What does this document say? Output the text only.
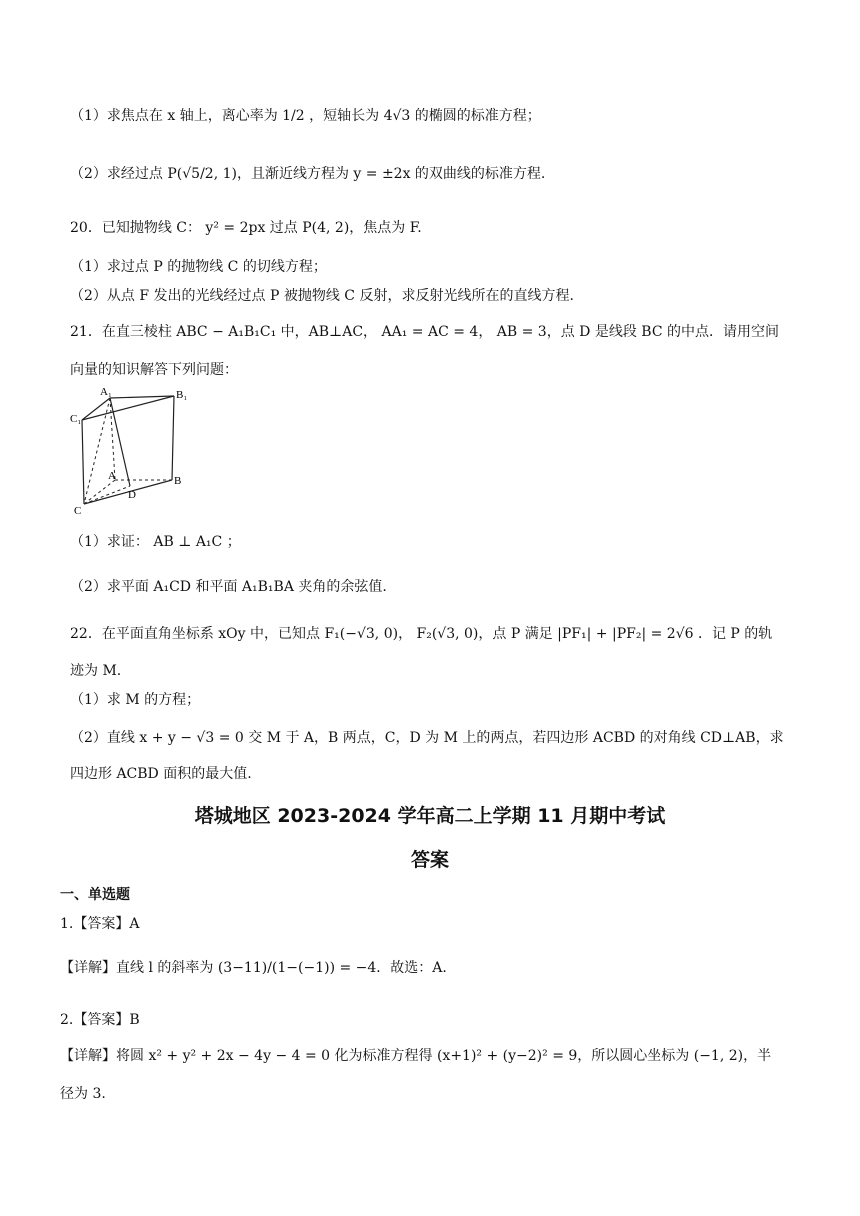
（1）求焦点在 x 轴上，离心率为 1/2 ，短轴长为 4√3 的椭圆的标准方程；
（2）求经过点 P(√5/2, 1)，且渐近线方程为 y = ±2x 的双曲线的标准方程.
20．已知抛物线 C： y² = 2px 过点 P(4, 2)，焦点为 F.
（1）求过点 P 的抛物线 C 的切线方程；
（2）从点 F 发出的光线经过点 P 被抛物线 C 反射，求反射光线所在的直线方程.
21．在直三棱柱 ABC − A₁B₁C₁ 中，AB⊥AC， AA₁ = AC = 4， AB = 3，点 D 是线段 BC 的中点．请用空间
向量的知识解答下列问题：
A₁	B₁
C₁
A	B
C
D
（1）求证： AB ⊥ A₁C ；
（2）求平面 A₁CD 和平面 A₁B₁BA 夹角的余弦值.
22．在平面直角坐标系 xOy 中，已知点 F₁(−√3, 0)， F₂(√3, 0)，点 P 满足 |PF₁| + |PF₂| = 2√6 ．记 P 的轨
迹为 M.
（1）求 M 的方程；
（2）直线 x + y − √3 = 0 交 M 于 A，B 两点，C，D 为 M 上的两点，若四边形 ACBD 的对角线 CD⊥AB，求
四边形 ACBD 面积的最大值.
塔城地区 2023-2024 学年高二上学期 11 月期中考试
答案
一、单选题
1.【答案】A
【详解】直线 l 的斜率为 (3−11)/(1−(−1)) = −4．故选：A.
2.【答案】B
【详解】将圆 x² + y² + 2x − 4y − 4 = 0 化为标准方程得 (x+1)² + (y−2)² = 9，所以圆心坐标为 (−1, 2)，半
径为 3.
